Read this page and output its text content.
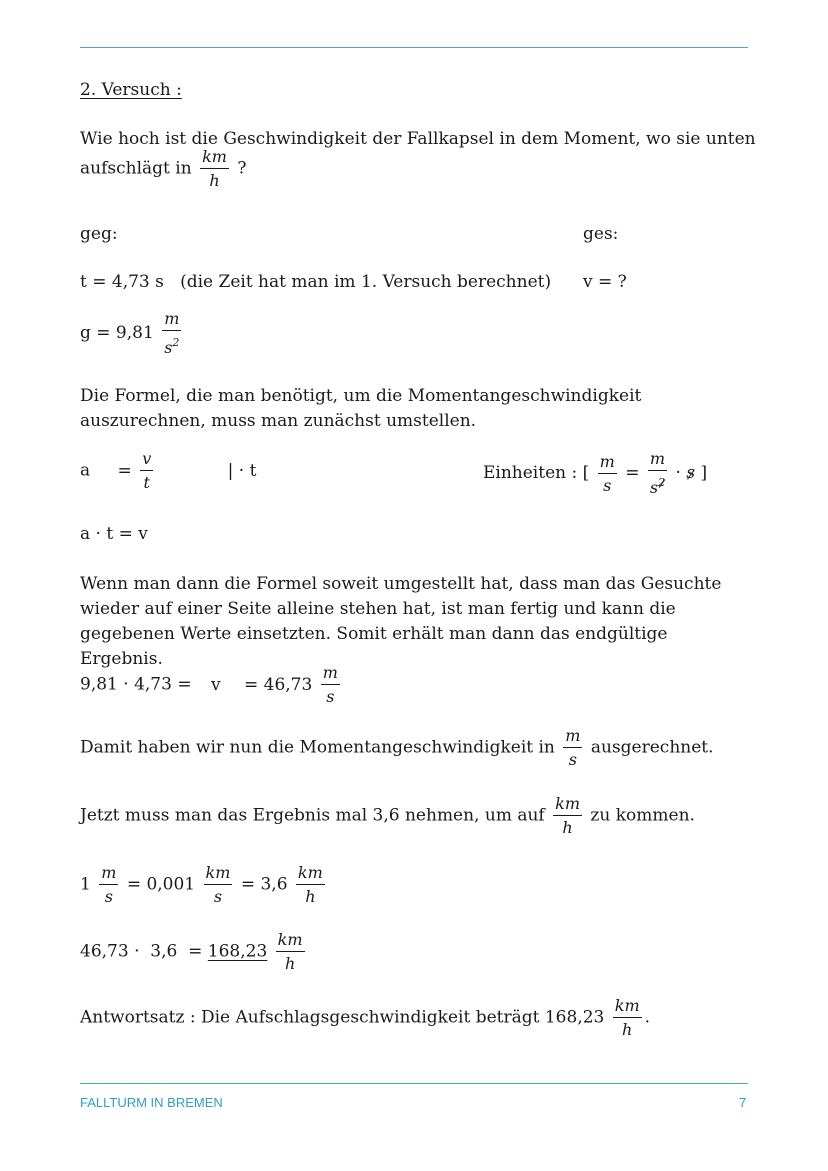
2. Versuch :
Wie hoch ist die Geschwindigkeit der Fallkapsel in dem Moment, wo sie unten
aufschlägt in $\frac{km}{h}$ ?
geg:	ges:
t = 4,73 s (die Zeit hat man im 1. Versuch berechnet) v = ?
$g = 9,81 \frac{m}{s^2}$
Die Formel, die man benötigt, um die Momentangeschwindigkeit auszurechnen, muss man zunächst umstellen.
$a = \frac{v}{t}$	| · t	Einheiten : [ $\frac{m}{s} = \frac{m}{s^2} \cdot s$ ]
a · t = v
Wenn man dann die Formel soweit umgestellt hat, dass man das Gesuchte wieder auf einer Seite alleine stehen hat, ist man fertig und kann die gegebenen Werte einsetzten. Somit erhält man dann das endgültige Ergebnis.
$9,81 \cdot 4,73 = v = 46,73 \frac{m}{s}$
Damit haben wir nun die Momentangeschwindigkeit in $\frac{m}{s}$ ausgerechnet.
Jetzt muss man das Ergebnis mal 3,6 nehmen, um auf $\frac{km}{h}$ zu kommen.
$1 \frac{m}{s} = 0,001 \frac{km}{s} = 3,6 \frac{km}{h}$
$46,73 \cdot 3,6 = 168,23 \frac{km}{h}$
Antwortsatz : Die Aufschlagsgeschwindigkeit beträgt $168,23 \frac{km}{h}$ .
FALLTURM IN BREMEN	7
